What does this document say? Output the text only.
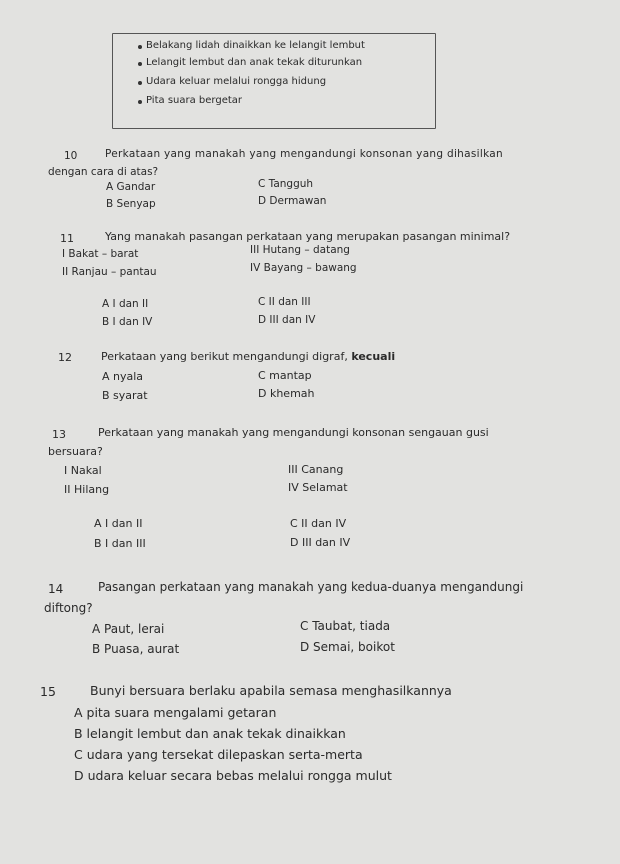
Belakang lidah dinaikkan ke lelangit lembut
Lelangit lembut dan anak tekak diturunkan
Udara keluar melalui rongga hidung
Pita suara bergetar
10	Perkataan yang manakah yang mengandungi konsonan yang dihasilkan
dengan cara di atas?
A Gandar
B Senyap
C Tangguh
D Dermawan
11	Yang manakah pasangan perkataan yang merupakan pasangan minimal?
I Bakat – barat
II Ranjau – pantau
III Hutang – datang
IV Bayang – bawang
A I dan II
B I dan IV
C II dan III
D III dan IV
12	Perkataan yang berikut mengandungi digraf, kecuali
A nyala
B syarat
C mantap
D khemah
13	Perkataan yang manakah yang mengandungi konsonan sengauan gusi
bersuara?
I Nakal
II Hilang
III Canang
IV Selamat
A I dan II
B I dan III
C II dan IV
D III dan IV
14	Pasangan perkataan yang manakah yang kedua-duanya mengandungi
diftong?
A Paut, lerai
B Puasa, aurat
C Taubat, tiada
D Semai, boikot
15	Bunyi bersuara berlaku apabila semasa menghasilkannya
A pita suara mengalami getaran
B lelangit lembut dan anak tekak dinaikkan
C udara yang tersekat dilepaskan serta-merta
D udara keluar secara bebas melalui rongga mulut
